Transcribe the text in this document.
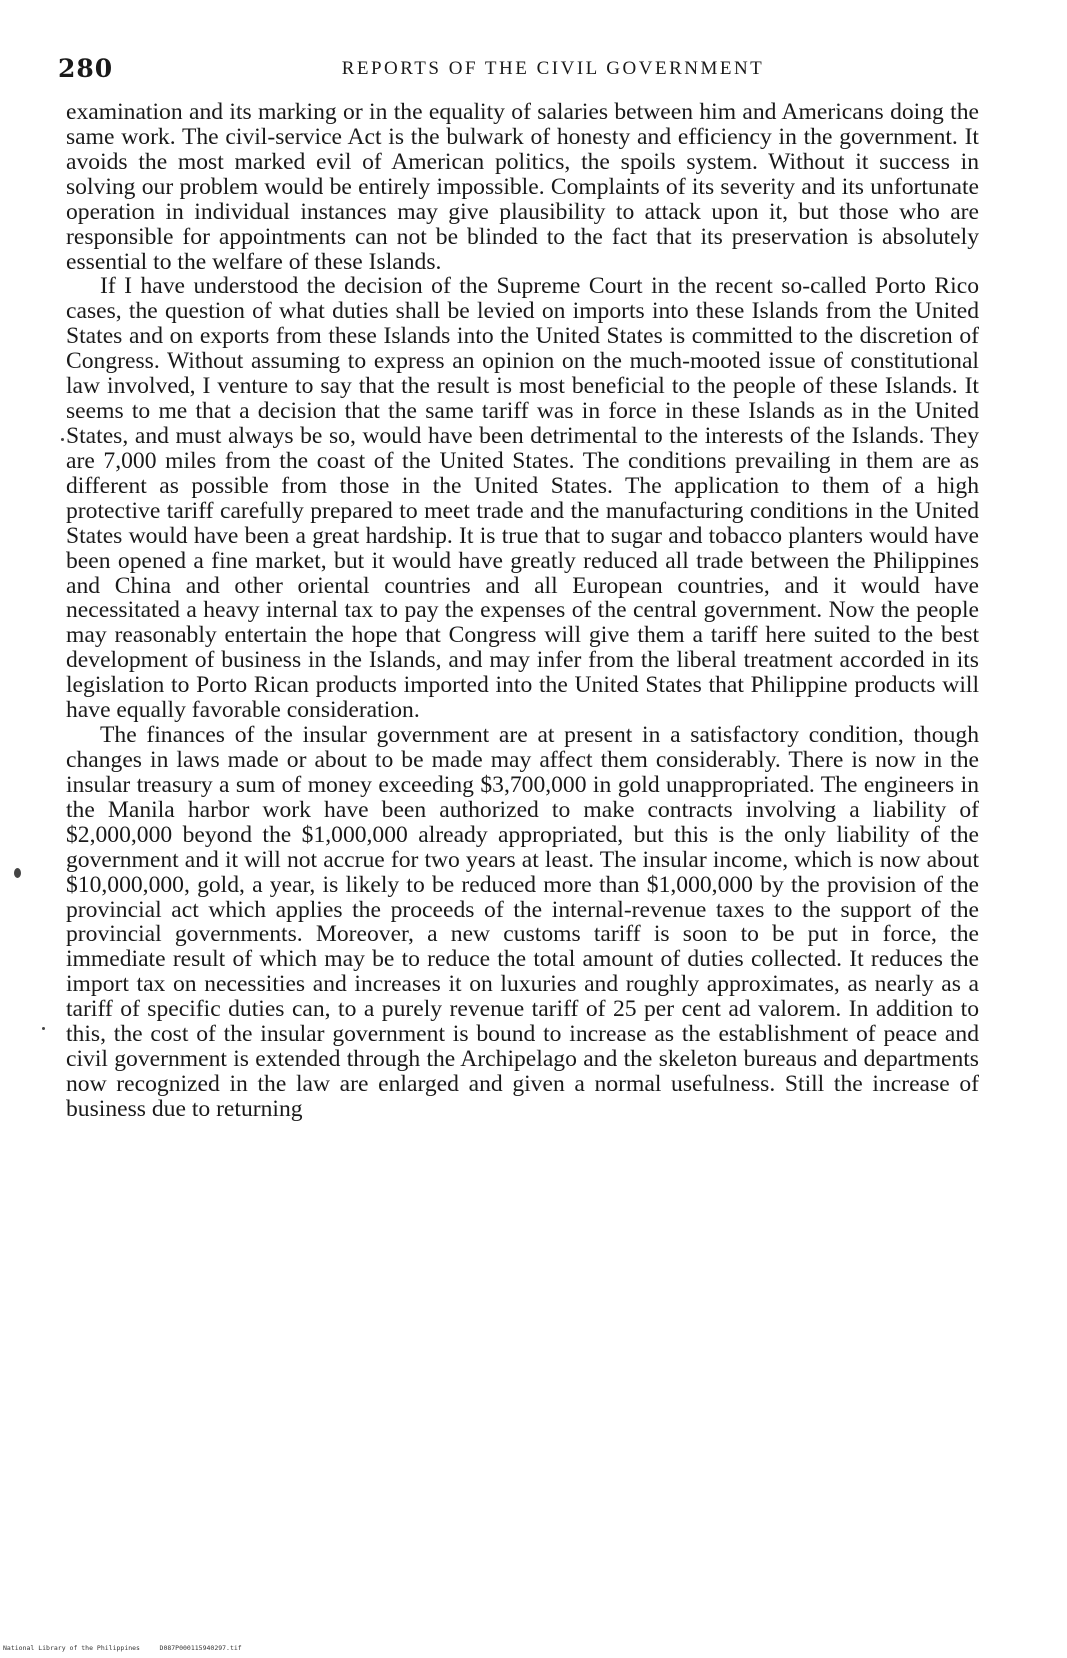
280	REPORTS OF THE CIVIL GOVERNMENT

examination and its marking or in the equality of salaries between him and Americans doing the same work. The civil-service Act is the bulwark of honesty and efficiency in the government. It avoids the most marked evil of American politics, the spoils system. Without it success in solving our problem would be entirely impossible. Complaints of its severity and its unfortunate operation in individual instances may give plausibility to attack upon it, but those who are responsible for appointments can not be blinded to the fact that its preservation is absolutely essential to the welfare of these Islands.

If I have understood the decision of the Supreme Court in the recent so-called Porto Rico cases, the question of what duties shall be levied on imports into these Islands from the United States and on exports from these Islands into the United States is committed to the discretion of Congress. Without assuming to express an opinion on the much-mooted issue of constitutional law involved, I venture to say that the result is most beneficial to the people of these Islands. It seems to me that a decision that the same tariff was in force in these Islands as in the United States, and must always be so, would have been detrimental to the interests of the Islands. They are 7,000 miles from the coast of the United States. The conditions prevailing in them are as different as possible from those in the United States. The application to them of a high protective tariff carefully prepared to meet trade and the manufacturing conditions in the United States would have been a great hardship. It is true that to sugar and tobacco planters would have been opened a fine market, but it would have greatly reduced all trade between the Philippines and China and other oriental countries and all European countries, and it would have necessitated a heavy internal tax to pay the expenses of the central government. Now the people may reasonably entertain the hope that Congress will give them a tariff here suited to the best development of business in the Islands, and may infer from the liberal treatment accorded in its legislation to Porto Rican products imported into the United States that Philippine products will have equally favorable consideration.

The finances of the insular government are at present in a satisfactory condition, though changes in laws made or about to be made may affect them considerably. There is now in the insular treasury a sum of money exceeding $3,700,000 in gold unappropriated. The engineers in the Manila harbor work have been authorized to make contracts involving a liability of $2,000,000 beyond the $1,000,000 already appropriated, but this is the only liability of the government and it will not accrue for two years at least. The insular income, which is now about $10,000,000, gold, a year, is likely to be reduced more than $1,000,000 by the provision of the provincial act which applies the proceeds of the internal-revenue taxes to the support of the provincial governments. Moreover, a new customs tariff is soon to be put in force, the immediate result of which may be to reduce the total amount of duties collected. It reduces the import tax on necessities and increases it on luxuries and roughly approximates, as nearly as a tariff of specific duties can, to a purely revenue tariff of 25 per cent ad valorem. In addition to this, the cost of the insular government is bound to increase as the establishment of peace and civil government is extended through the Archipelago and the skeleton bureaus and departments now recognized in the law are enlarged and given a normal usefulness. Still the increase of business due to returning

National Library of the Philippines     D087P000115940297.tif
